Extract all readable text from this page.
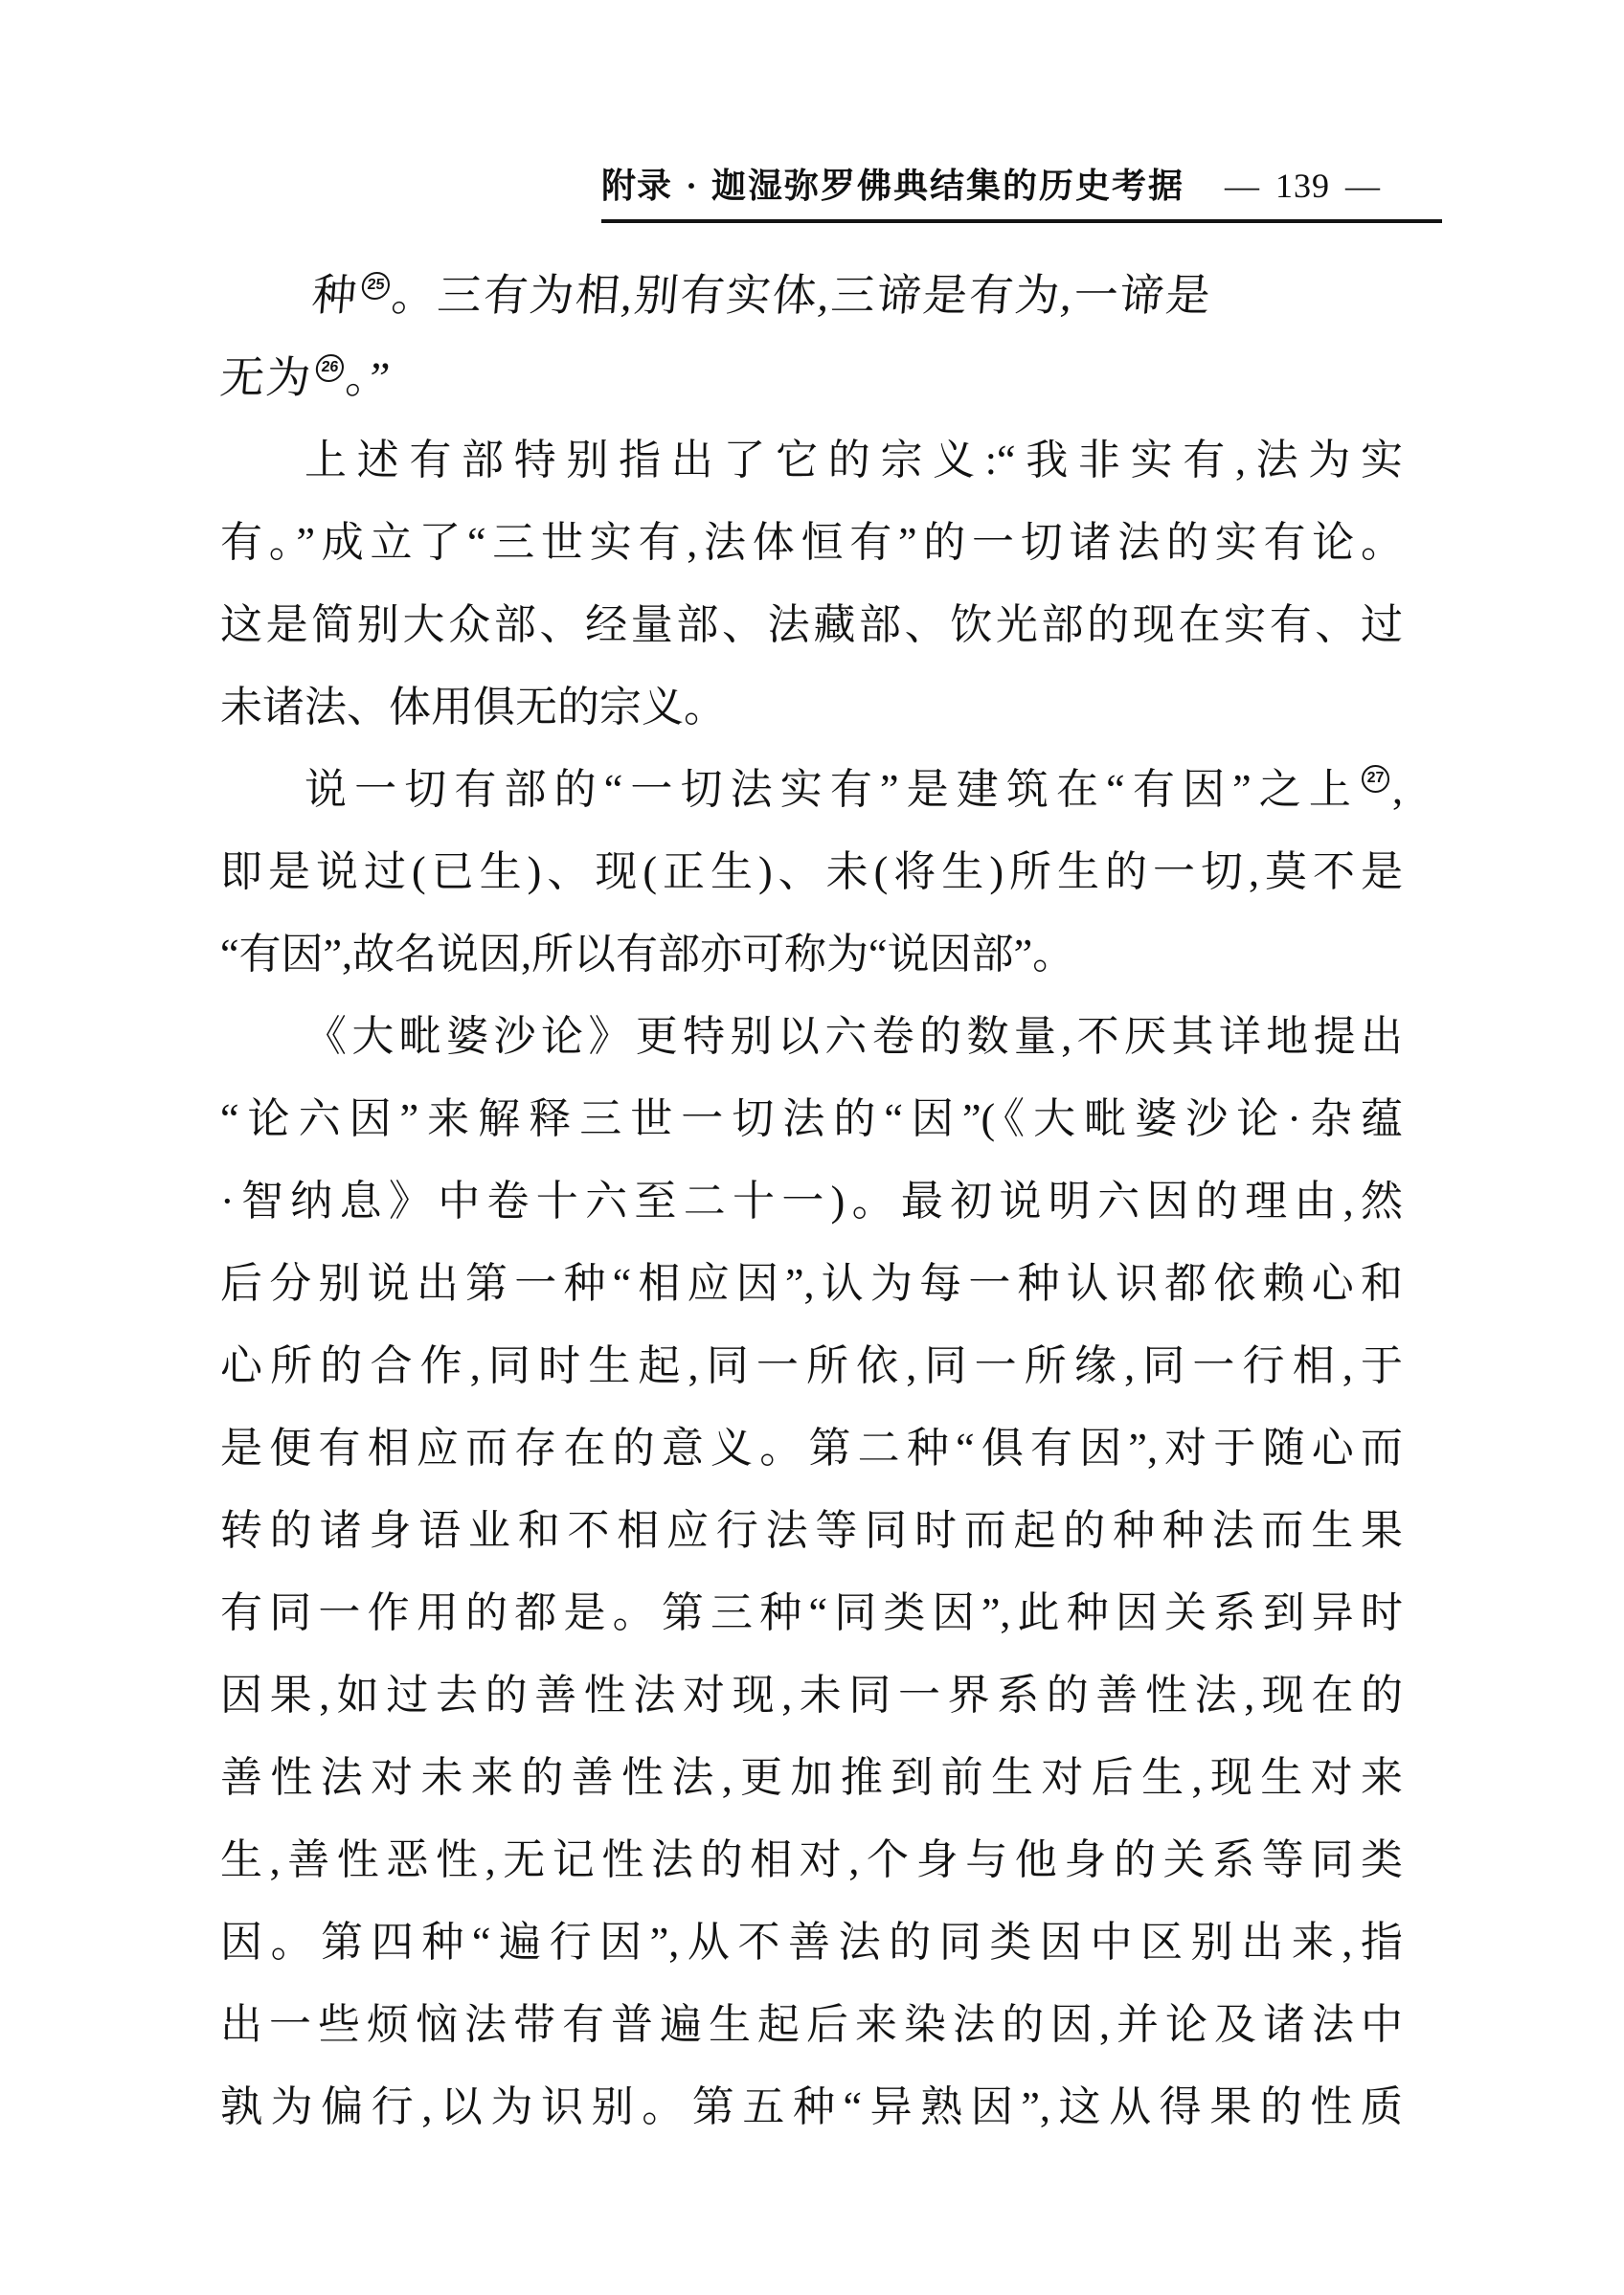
附录 · 迦湿弥罗佛典结集的历史考据 — 139 —
种 25 。三有为相,别有实体,三谛是有为,一谛是
无为 26 。”
上述有部特别指出了它的宗义:“我非实有,法为实
有。”成立了“三世实有,法体恒有”的一切诸法的实有论。
这是简别大众部、经量部、法藏部、饮光部的现在实有、过
未诸法、体用俱无的宗义。
说一切有部的“一切法实有”是建筑在“有因”之上 27 ,
即是说过(已生)、现(正生)、未(将生)所生的一切,莫不是
“有因”,故名说因,所以有部亦可称为“说因部”。
《大毗婆沙论》更特别以六卷的数量,不厌其详地提出
“论六因”来解释三世一切法的“因”(《大毗婆沙论·杂蕴
·智纳息》中卷十六至二十一)。最初说明六因的理由,然
后分别说出第一种“相应因”,认为每一种认识都依赖心和
心所的合作,同时生起,同一所依,同一所缘,同一行相,于
是便有相应而存在的意义。第二种“俱有因”,对于随心而
转的诸身语业和不相应行法等同时而起的种种法而生果
有同一作用的都是。第三种“同类因”,此种因关系到异时
因果,如过去的善性法对现,未同一界系的善性法,现在的
善性法对未来的善性法,更加推到前生对后生,现生对来
生,善性恶性,无记性法的相对,个身与他身的关系等同类
因。第四种“遍行因”,从不善法的同类因中区别出来,指
出一些烦恼法带有普遍生起后来染法的因,并论及诸法中
孰为偏行,以为识别。第五种“异熟因”,这从得果的性质
